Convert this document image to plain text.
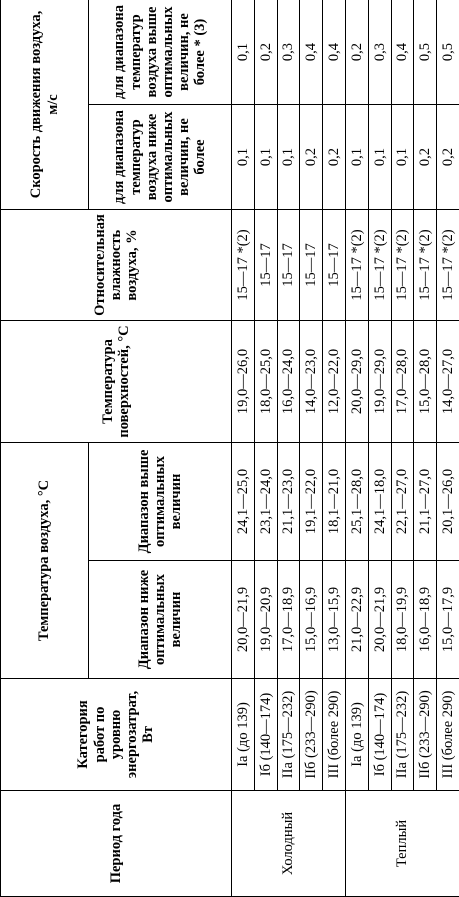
Период года	Категория работ по уровню энергозатрат, Вт	Температура воздуха, °С		Температура поверхностей, °С	Относительная влажность воздуха, %	Скорость движения воздуха, м/с	
		Диапазон ниже оптимальных величин	Диапазон выше оптимальных величин			для диапазона температур воздуха ниже оптимальных величин, не более	для диапазона температур воздуха выше оптимальных величин, не более * (3)
Холодный	Iа (до 139)	20,0—21,9	24,1—25,0	19,0—26,0	15—17 *(2)	0,1	0,1
	Iб (140—174)	19,0—20,9	23,1—24,0	18,0—25,0	15—17	0,1	0,2
	IIа (175—232)	17,0—18,9	21,1—23,0	16,0—24,0	15—17	0,1	0,3
	IIб (233—290)	15,0—16,9	19,1—22,0	14,0—23,0	15—17	0,2	0,4
	III (более 290)	13,0—15,9	18,1—21,0	12,0—22,0	15—17	0,2	0,4
Теплый	Iа (до 139)	21,0—22,9	25,1—28,0	20,0—29,0	15—17 *(2)	0,1	0,2
	Iб (140—174)	20,0—21,9	24,1—18,0	19,0—29,0	15—17 *(2)	0,1	0,3
	IIа (175—232)	18,0—19,9	22,1—27,0	17,0—28,0	15—17 *(2)	0,1	0,4
	IIб (233—290)	16,0—18,9	21,1—27,0	15,0—28,0	15—17 *(2)	0,2	0,5
	III (более 290)	15,0—17,9	20,1—26,0	14,0—27,0	15—17 *(2)	0,2	0,5
